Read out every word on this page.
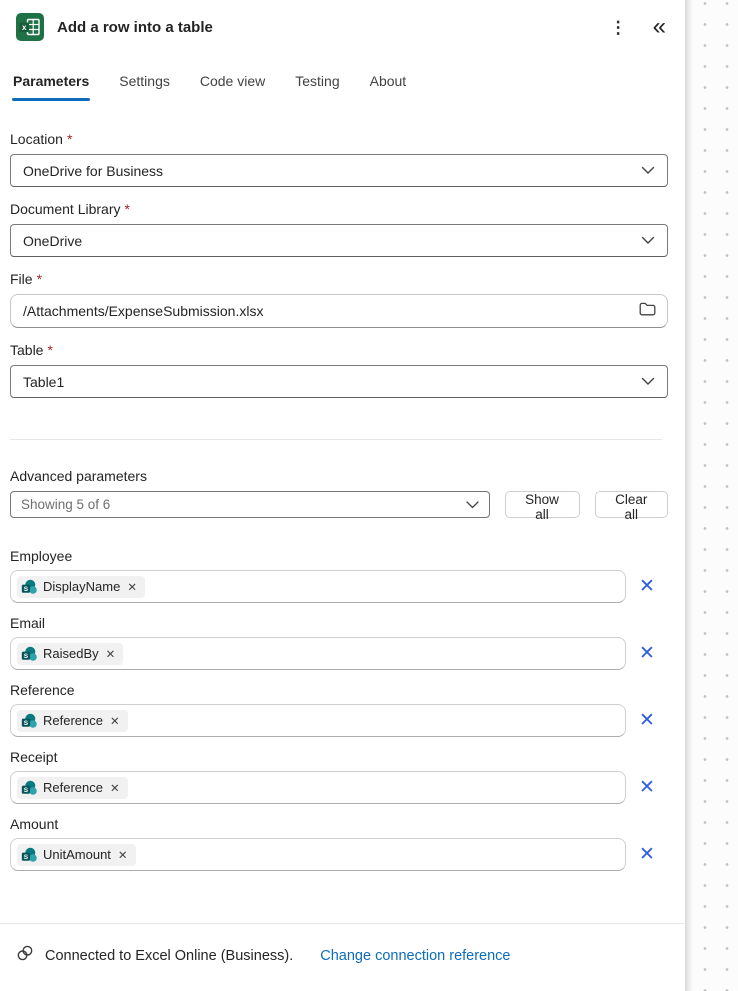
x Add a row into a table	⋮ «
Parameters Settings Code view Testing About
Location *
OneDrive for Business
Document Library *
OneDrive
File *
/Attachments/ExpenseSubmission.xlsx
Table *
Table1
Advanced parameters
Showing 5 of 6	Show all
Clear all
Employee
S DisplayName ✕	✕
Email
S RaisedBy ✕	✕
Reference
S Reference ✕	✕
Receipt
S Reference ✕	✕
Amount
S UnitAmount ✕	✕
Connected to Excel Online (Business). Change connection reference
